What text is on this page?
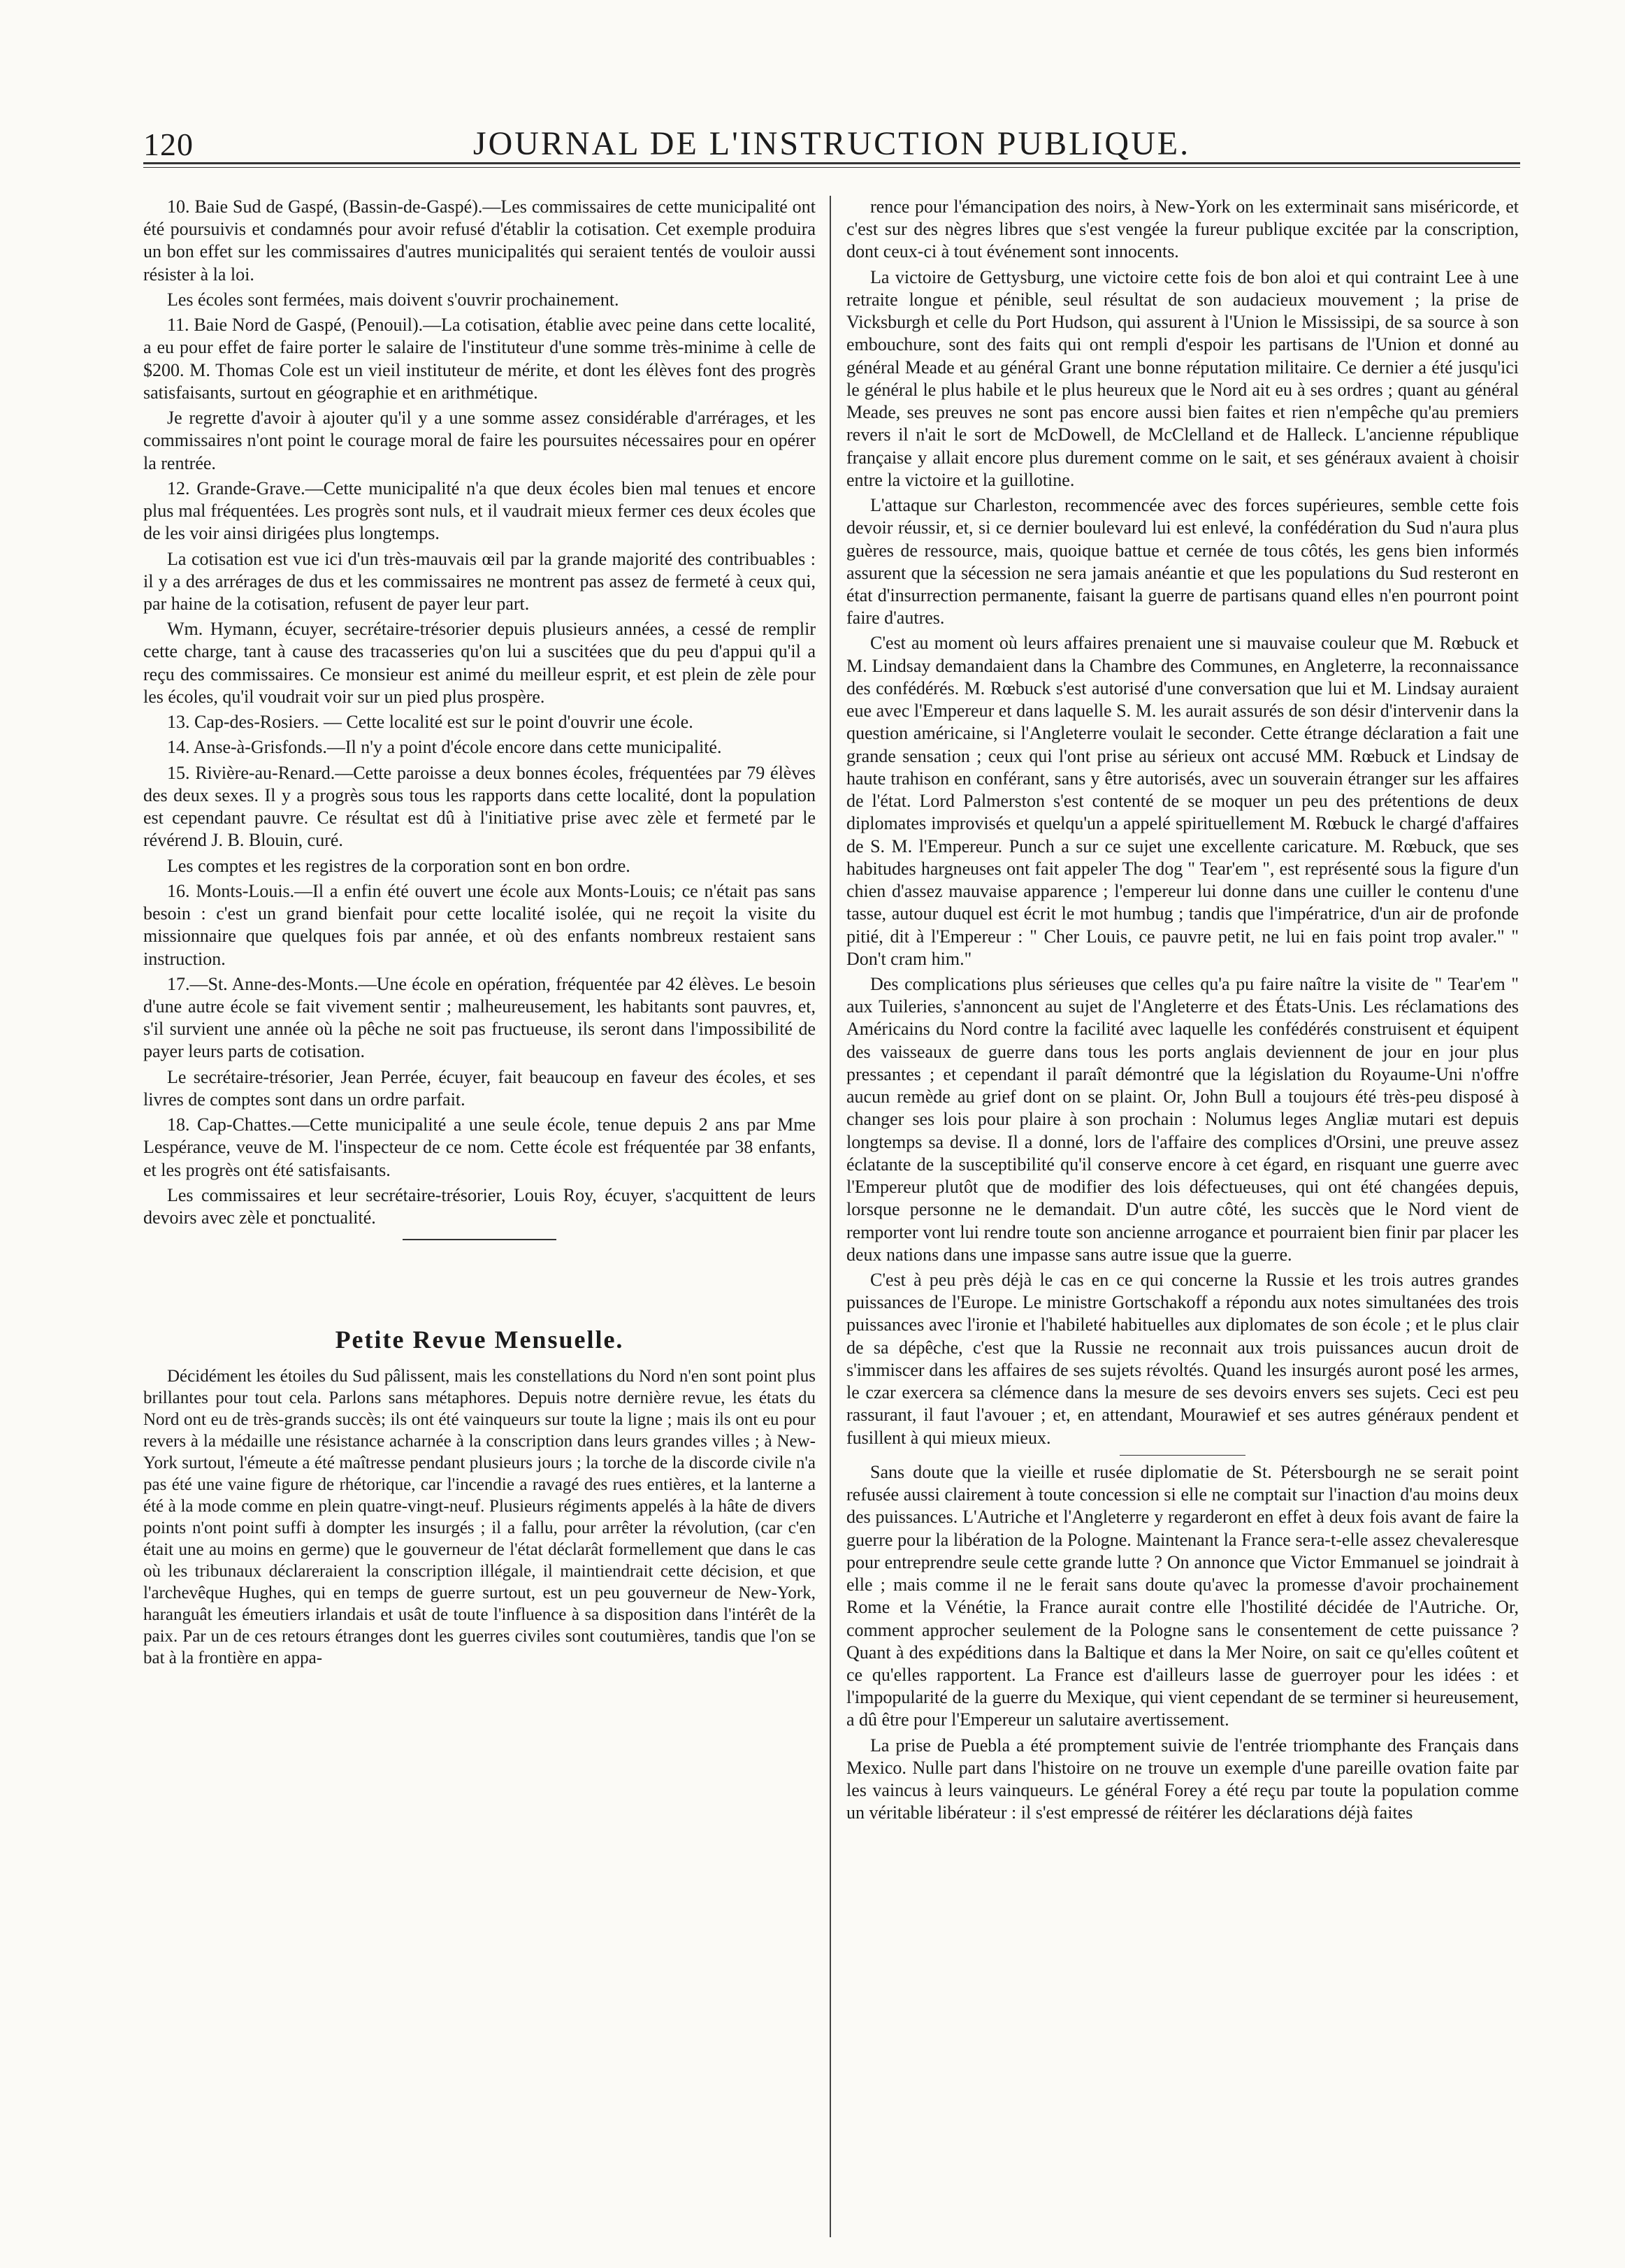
120	JOURNAL DE L'INSTRUCTION PUBLIQUE.

10. Baie Sud de Gaspé, (Bassin-de-Gaspé).—Les commissaires de cette municipalité ont été poursuivis et condamnés pour avoir refusé d'établir la cotisation. Cet exemple produira un bon effet sur les commissaires d'autres municipalités qui seraient tentés de vouloir aussi résister à la loi.

Les écoles sont fermées, mais doivent s'ouvrir prochainement.

11. Baie Nord de Gaspé, (Penouil).—La cotisation, établie avec peine dans cette localité, a eu pour effet de faire porter le salaire de l'instituteur d'une somme très-minime à celle de $200. M. Thomas Cole est un vieil instituteur de mérite, et dont les élèves font des progrès satisfaisants, surtout en géographie et en arithmétique.

Je regrette d'avoir à ajouter qu'il y a une somme assez considérable d'arrérages, et les commissaires n'ont point le courage moral de faire les poursuites nécessaires pour en opérer la rentrée.

12. Grande-Grave.—Cette municipalité n'a que deux écoles bien mal tenues et encore plus mal fréquentées. Les progrès sont nuls, et il vaudrait mieux fermer ces deux écoles que de les voir ainsi dirigées plus longtemps.

La cotisation est vue ici d'un très-mauvais œil par la grande majorité des contribuables : il y a des arrérages de dus et les commissaires ne montrent pas assez de fermeté à ceux qui, par haine de la cotisation, refusent de payer leur part.

Wm. Hymann, écuyer, secrétaire-trésorier depuis plusieurs années, a cessé de remplir cette charge, tant à cause des tracasseries qu'on lui a suscitées que du peu d'appui qu'il a reçu des commissaires. Ce monsieur est animé du meilleur esprit, et est plein de zèle pour les écoles, qu'il voudrait voir sur un pied plus prospère.

13. Cap-des-Rosiers. — Cette localité est sur le point d'ouvrir une école.

14. Anse-à-Grisfonds.—Il n'y a point d'école encore dans cette municipalité.

15. Rivière-au-Renard.—Cette paroisse a deux bonnes écoles, fréquentées par 79 élèves des deux sexes. Il y a progrès sous tous les rapports dans cette localité, dont la population est cependant pauvre. Ce résultat est dû à l'initiative prise avec zèle et fermeté par le révérend J. B. Blouin, curé.

Les comptes et les registres de la corporation sont en bon ordre.

16. Monts-Louis.—Il a enfin été ouvert une école aux Monts-Louis; ce n'était pas sans besoin : c'est un grand bienfait pour cette localité isolée, qui ne reçoit la visite du missionnaire que quelques fois par année, et où des enfants nombreux restaient sans instruction.

17.—St. Anne-des-Monts.—Une école en opération, fréquentée par 42 élèves. Le besoin d'une autre école se fait vivement sentir ; malheureusement, les habitants sont pauvres, et, s'il survient une année où la pêche ne soit pas fructueuse, ils seront dans l'impossibilité de payer leurs parts de cotisation.

Le secrétaire-trésorier, Jean Perrée, écuyer, fait beaucoup en faveur des écoles, et ses livres de comptes sont dans un ordre parfait.

18. Cap-Chattes.—Cette municipalité a une seule école, tenue depuis 2 ans par Mme Lespérance, veuve de M. l'inspecteur de ce nom. Cette école est fréquentée par 38 enfants, et les progrès ont été satisfaisants.

Les commissaires et leur secrétaire-trésorier, Louis Roy, écuyer, s'acquittent de leurs devoirs avec zèle et ponctualité.

Petite Revue Mensuelle.

Décidément les étoiles du Sud pâlissent, mais les constellations du Nord n'en sont point plus brillantes pour tout cela. Parlons sans métaphores. Depuis notre dernière revue, les états du Nord ont eu de très-grands succès; ils ont été vainqueurs sur toute la ligne ; mais ils ont eu pour revers à la médaille une résistance acharnée à la conscription dans leurs grandes villes ; à New-York surtout, l'émeute a été maîtresse pendant plusieurs jours ; la torche de la discorde civile n'a pas été une vaine figure de rhétorique, car l'incendie a ravagé des rues entières, et la lanterne a été à la mode comme en plein quatre-vingt-neuf. Plusieurs régiments appelés à la hâte de divers points n'ont point suffi à dompter les insurgés ; il a fallu, pour arrêter la révolution, (car c'en était une au moins en germe) que le gouverneur de l'état déclarât formellement que dans le cas où les tribunaux déclareraient la conscription illégale, il maintiendrait cette décision, et que l'archevêque Hughes, qui en temps de guerre surtout, est un peu gouverneur de New-York, haranguât les émeutiers irlandais et usât de toute l'influence à sa disposition dans l'intérêt de la paix. Par un de ces retours étranges dont les guerres civiles sont coutumières, tandis que l'on se bat à la frontière en appa-

rence pour l'émancipation des noirs, à New-York on les exterminait sans miséricorde, et c'est sur des nègres libres que s'est vengée la fureur publique excitée par la conscription, dont ceux-ci à tout événement sont innocents.

La victoire de Gettysburg, une victoire cette fois de bon aloi et qui contraint Lee à une retraite longue et pénible, seul résultat de son audacieux mouvement ; la prise de Vicksburgh et celle du Port Hudson, qui assurent à l'Union le Mississipi, de sa source à son embouchure, sont des faits qui ont rempli d'espoir les partisans de l'Union et donné au général Meade et au général Grant une bonne réputation militaire. Ce dernier a été jusqu'ici le général le plus habile et le plus heureux que le Nord ait eu à ses ordres ; quant au général Meade, ses preuves ne sont pas encore aussi bien faites et rien n'empêche qu'au premiers revers il n'ait le sort de McDowell, de McClelland et de Halleck. L'ancienne république française y allait encore plus durement comme on le sait, et ses généraux avaient à choisir entre la victoire et la guillotine.

L'attaque sur Charleston, recommencée avec des forces supérieures, semble cette fois devoir réussir, et, si ce dernier boulevard lui est enlevé, la confédération du Sud n'aura plus guères de ressource, mais, quoique battue et cernée de tous côtés, les gens bien informés assurent que la sécession ne sera jamais anéantie et que les populations du Sud resteront en état d'insurrection permanente, faisant la guerre de partisans quand elles n'en pourront point faire d'autres.

C'est au moment où leurs affaires prenaient une si mauvaise couleur que M. Rœbuck et M. Lindsay demandaient dans la Chambre des Communes, en Angleterre, la reconnaissance des confédérés. M. Rœbuck s'est autorisé d'une conversation que lui et M. Lindsay auraient eue avec l'Empereur et dans laquelle S. M. les aurait assurés de son désir d'intervenir dans la question américaine, si l'Angleterre voulait le seconder. Cette étrange déclaration a fait une grande sensation ; ceux qui l'ont prise au sérieux ont accusé MM. Rœbuck et Lindsay de haute trahison en conférant, sans y être autorisés, avec un souverain étranger sur les affaires de l'état. Lord Palmerston s'est contenté de se moquer un peu des prétentions de deux diplomates improvisés et quelqu'un a appelé spirituellement M. Rœbuck le chargé d'affaires de S. M. l'Empereur. Punch a sur ce sujet une excellente caricature. M. Rœbuck, que ses habitudes hargneuses ont fait appeler The dog " Tear'em ", est représenté sous la figure d'un chien d'assez mauvaise apparence ; l'empereur lui donne dans une cuiller le contenu d'une tasse, autour duquel est écrit le mot humbug ; tandis que l'impératrice, d'un air de profonde pitié, dit à l'Empereur : " Cher Louis, ce pauvre petit, ne lui en fais point trop avaler." " Don't cram him."

Des complications plus sérieuses que celles qu'a pu faire naître la visite de " Tear'em " aux Tuileries, s'annoncent au sujet de l'Angleterre et des États-Unis. Les réclamations des Américains du Nord contre la facilité avec laquelle les confédérés construisent et équipent des vaisseaux de guerre dans tous les ports anglais deviennent de jour en jour plus pressantes ; et cependant il paraît démontré que la législation du Royaume-Uni n'offre aucun remède au grief dont on se plaint. Or, John Bull a toujours été très-peu disposé à changer ses lois pour plaire à son prochain : Nolumus leges Angliæ mutari est depuis longtemps sa devise. Il a donné, lors de l'affaire des complices d'Orsini, une preuve assez éclatante de la susceptibilité qu'il conserve encore à cet égard, en risquant une guerre avec l'Empereur plutôt que de modifier des lois défectueuses, qui ont été changées depuis, lorsque personne ne le demandait. D'un autre côté, les succès que le Nord vient de remporter vont lui rendre toute son ancienne arrogance et pourraient bien finir par placer les deux nations dans une impasse sans autre issue que la guerre.

C'est à peu près déjà le cas en ce qui concerne la Russie et les trois autres grandes puissances de l'Europe. Le ministre Gortschakoff a répondu aux notes simultanées des trois puissances avec l'ironie et l'habileté habituelles aux diplomates de son école ; et le plus clair de sa dépêche, c'est que la Russie ne reconnait aux trois puissances aucun droit de s'immiscer dans les affaires de ses sujets révoltés. Quand les insurgés auront posé les armes, le czar exercera sa clémence dans la mesure de ses devoirs envers ses sujets. Ceci est peu rassurant, il faut l'avouer ; et, en attendant, Mourawief et ses autres généraux pendent et fusillent à qui mieux mieux.

Sans doute que la vieille et rusée diplomatie de St. Pétersbourgh ne se serait point refusée aussi clairement à toute concession si elle ne comptait sur l'inaction d'au moins deux des puissances. L'Autriche et l'Angleterre y regarderont en effet à deux fois avant de faire la guerre pour la libération de la Pologne. Maintenant la France sera-t-elle assez chevaleresque pour entreprendre seule cette grande lutte ? On annonce que Victor Emmanuel se joindrait à elle ; mais comme il ne le ferait sans doute qu'avec la promesse d'avoir prochainement Rome et la Vénétie, la France aurait contre elle l'hostilité décidée de l'Autriche. Or, comment approcher seulement de la Pologne sans le consentement de cette puissance ? Quant à des expéditions dans la Baltique et dans la Mer Noire, on sait ce qu'elles coûtent et ce qu'elles rapportent. La France est d'ailleurs lasse de guerroyer pour les idées : et l'impopularité de la guerre du Mexique, qui vient cependant de se terminer si heureusement, a dû être pour l'Empereur un salutaire avertissement.

La prise de Puebla a été promptement suivie de l'entrée triomphante des Français dans Mexico. Nulle part dans l'histoire on ne trouve un exemple d'une pareille ovation faite par les vaincus à leurs vainqueurs. Le général Forey a été reçu par toute la population comme un véritable libérateur : il s'est empressé de réitérer les déclarations déjà faites
